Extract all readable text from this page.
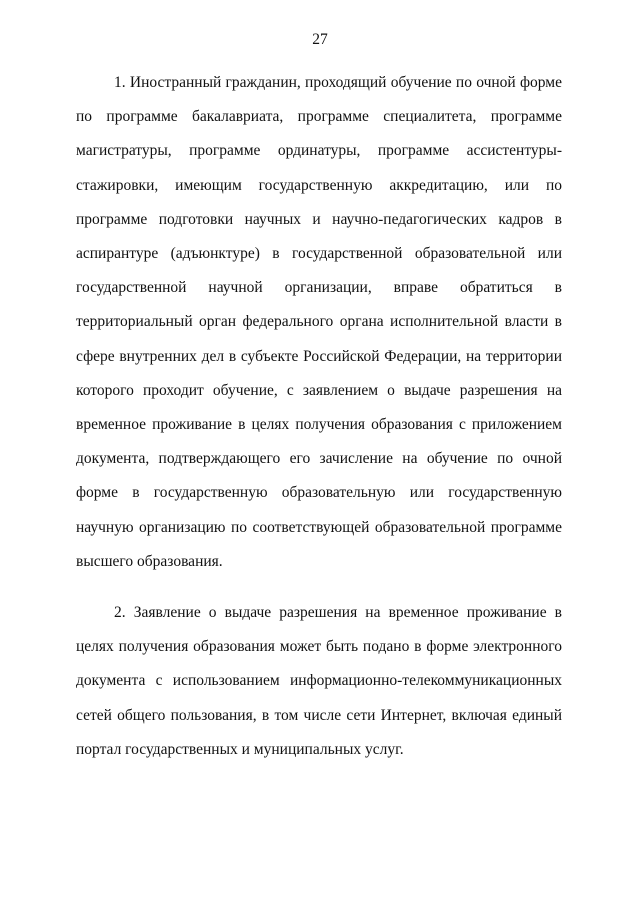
27

1. Иностранный гражданин, проходящий обучение по очной форме по программе бакалавриата, программе специалитета, программе магистратуры, программе ординатуры, программе ассистентуры-стажировки, имеющим государственную аккредитацию, или по программе подготовки научных и научно-педагогических кадров в аспирантуре (адъюнктуре) в государственной образовательной или государственной научной организации, вправе обратиться в территориальный орган федерального органа исполнительной власти в сфере внутренних дел в субъекте Российской Федерации, на территории которого проходит обучение, с заявлением о выдаче разрешения на временное проживание в целях получения образования с приложением документа, подтверждающего его зачисление на обучение по очной форме в государственную образовательную или государственную научную организацию по соответствующей образовательной программе высшего образования.

2. Заявление о выдаче разрешения на временное проживание в целях получения образования может быть подано в форме электронного документа с использованием информационно-телекоммуникационных сетей общего пользования, в том числе сети Интернет, включая единый портал государственных и муниципальных услуг.
